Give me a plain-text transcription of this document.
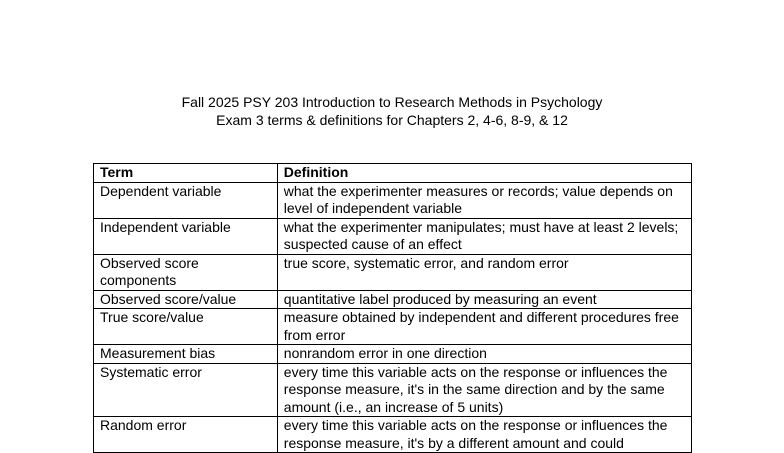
Fall 2025 PSY 203 Introduction to Research Methods in Psychology
Exam 3 terms & definitions for Chapters 2, 4-6, 8-9, & 12
Term	Definition
Dependent variable	what the experimenter measures or records; value depends on level of independent variable
Independent variable	what the experimenter manipulates; must have at least 2 levels; suspected cause of an effect
Observed score components	true score, systematic error, and random error
Observed score/value	quantitative label produced by measuring an event
True score/value	measure obtained by independent and different procedures free from error
Measurement bias	nonrandom error in one direction
Systematic error	every time this variable acts on the response or influences the response measure, it's in the same direction and by the same amount (i.e., an increase of 5 units)
Random error	every time this variable acts on the response or influences the response measure, it's by a different amount and could
